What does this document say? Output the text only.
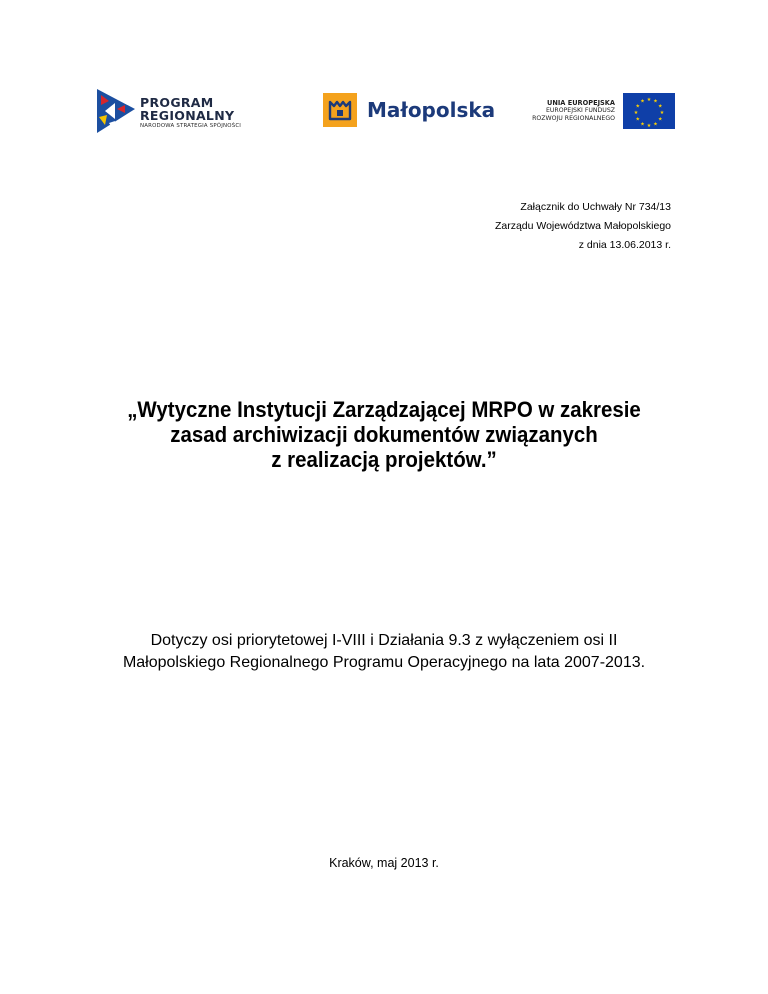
PROGRAM
REGIONALNY
NARODOWA STRATEGIA SPÓJNOŚCI
Małopolska	UNIA EUROPEJSKA
EUROPEJSKI FUNDUSZ
ROZWOJU REGIONALNEGO
★ ★
★
★
★
★
★
★
★
★
★
★
Załącznik do Uchwały Nr 734/13
Zarządu Województwa Małopolskiego
z dnia 13.06.2013 r.
„Wytyczne Instytucji Zarządzającej MRPO w zakresie
zasad archiwizacji dokumentów związanych
z realizacją projektów.”
Dotyczy osi priorytetowej I-VIII i Działania 9.3 z wyłączeniem osi II
Małopolskiego Regionalnego Programu Operacyjnego na lata 2007-2013.
Kraków, maj 2013 r.
